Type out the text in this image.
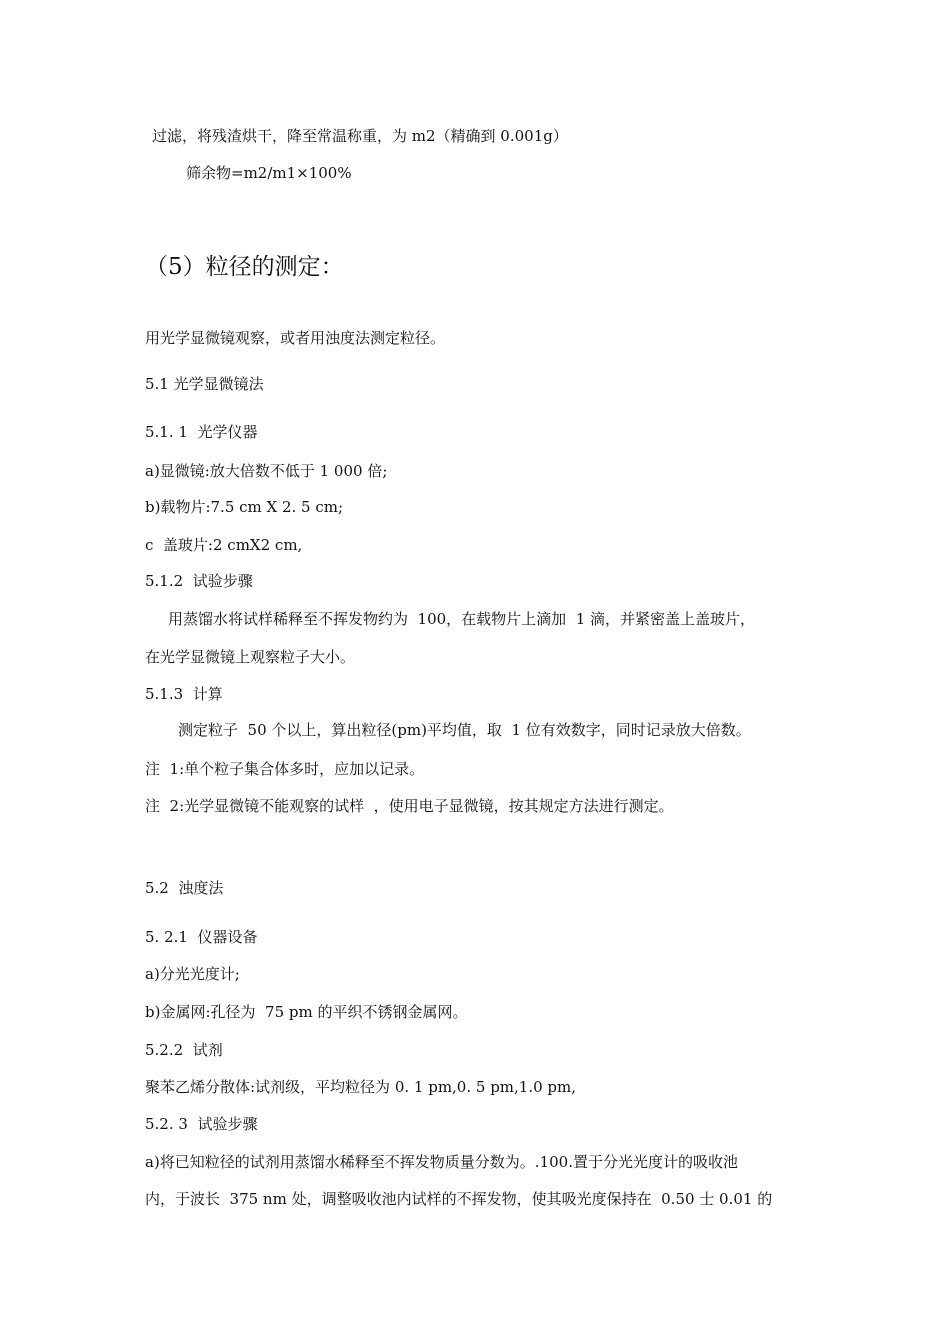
过滤，将残渣烘干，降至常温称重，为 m2（精确到 0.001g）
筛余物=m2/m1×100%
（5）粒径的测定：
用光学显微镜观察，或者用浊度法测定粒径。
5.1 光学显微镜法
5.1. 1  光学仪器
a)显微镜:放大倍数不低于 1 000 倍;
b)载物片:7.5 cm X 2. 5 cm;
c  盖玻片:2 cmX2 cm,
5.1.2  试验步骤
用蒸馏水将试样稀释至不挥发物约为  100，在载物片上滴加  1 滴，并紧密盖上盖玻片，
在光学显微镜上观察粒子大小。
5.1.3  计算
测定粒子  50 个以上，算出粒径(pm)平均值，取  1 位有效数字，同时记录放大倍数。
注  1:单个粒子集合体多时，应加以记录。
注  2:光学显微镜不能观察的试样  ，使用电子显微镜，按其规定方法进行测定。
5.2  浊度法
5. 2.1  仪器设备
a)分光光度计;
b)金属网:孔径为  75 pm 的平织不锈钢金属网。
5.2.2  试剂
聚苯乙烯分散体:试剂级，平均粒径为 0. 1 pm,0. 5 pm,1.0 pm,
5.2. 3  试验步骤
a)将已知粒径的试剂用蒸馏水稀释至不挥发物质量分数为。.100.置于分光光度计的吸收池
内，于波长  375 nm 处，调整吸收池内试样的不挥发物，使其吸光度保持在  0.50 士 0.01 的
